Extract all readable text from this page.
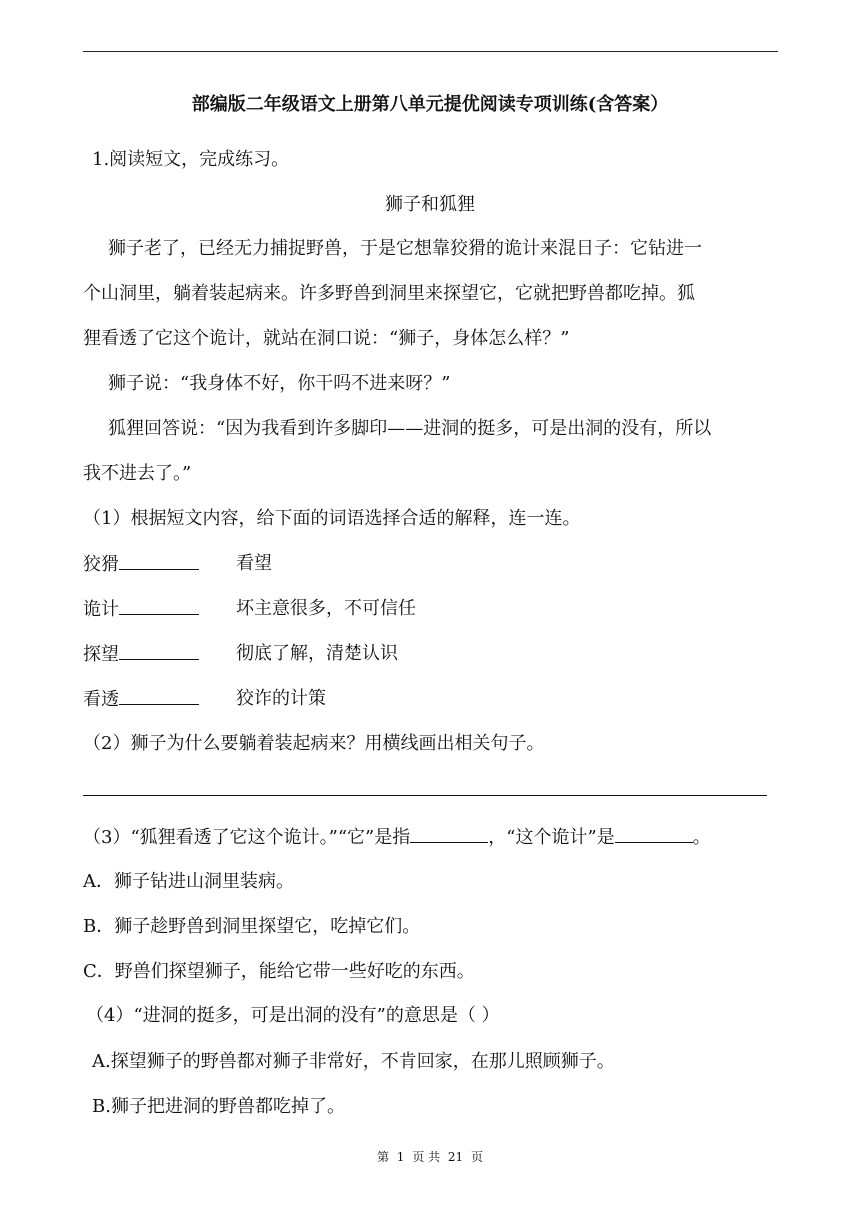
部编版二年级语文上册第八单元提优阅读专项训练(含答案）
1.阅读短文，完成练习。
狮子和狐狸
狮子老了，已经无力捕捉野兽，于是它想靠狡猾的诡计来混日子：它钻进一
个山洞里，躺着装起病来。许多野兽到洞里来探望它，它就把野兽都吃掉。狐
狸看透了它这个诡计，就站在洞口说：“狮子，身体怎么样？”
狮子说：“我身体不好，你干吗不进来呀？”
狐狸回答说：“因为我看到许多脚印——进洞的挺多，可是出洞的没有，所以
我不进去了。”
（1）根据短文内容，给下面的词语选择合适的解释，连一连。
狡猾	看望
诡计	坏主意很多，不可信任
探望	彻底了解，清楚认识
看透	狡诈的计策
（2）狮子为什么要躺着装起病来？用横线画出相关句子。
（3）“狐狸看透了它这个诡计。”“它”是指	，“这个诡计”是	。
A．狮子钻进山洞里装病。
B．狮子趁野兽到洞里探望它，吃掉它们。
C．野兽们探望狮子，能给它带一些好吃的东西。
（4）“进洞的挺多，可是出洞的没有”的意思是（ ）
A.探望狮子的野兽都对狮子非常好，不肯回家，在那儿照顾狮子。
B.狮子把进洞的野兽都吃掉了。
第 1 页 共 21 页
